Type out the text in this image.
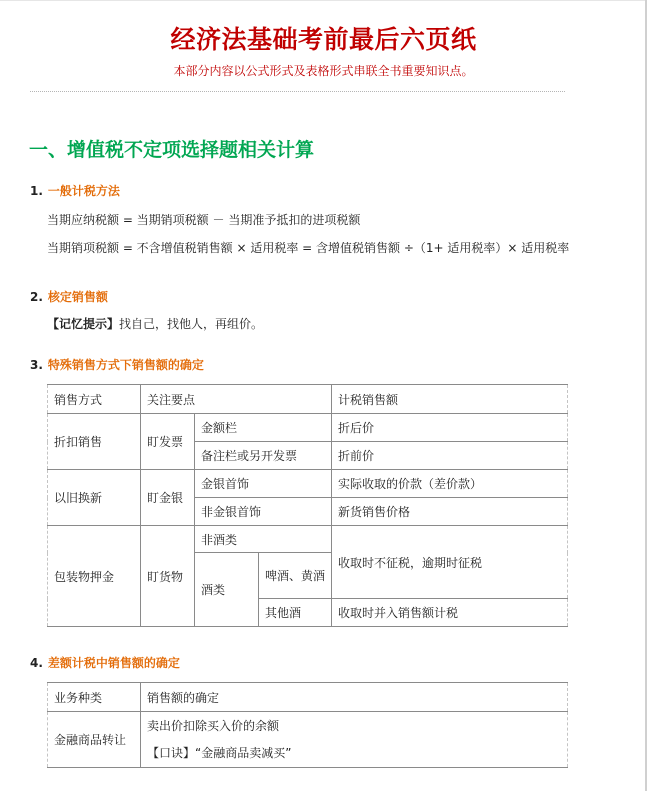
经济法基础考前最后六页纸
本部分内容以公式形式及表格形式串联全书重要知识点。
一、增值税不定项选择题相关计算
1. 一般计税方法
当期应纳税额 = 当期销项税额 － 当期准予抵扣的进项税额
当期销项税额 = 不含增值税销售额 × 适用税率 = 含增值税销售额 ÷（1+ 适用税率）× 适用税率
2. 核定销售额
【记忆提示】找自己，找他人，再组价。
3. 特殊销售方式下销售额的确定
销售方式	关注要点			计税销售额
折扣销售	盯发票	金额栏		折后价
		备注栏或另开发票		折前价
以旧换新	盯金银	金银首饰		实际收取的价款（差价款）
		非金银首饰		新货销售价格
包装物押金	盯货物	非酒类		收取时不征税，逾期时征税
		酒类	啤酒、黄酒	
			其他酒	收取时并入销售额计税
4. 差额计税中销售额的确定
业务种类	销售额的确定
金融商品转让	卖出价扣除买入价的余额
【口诀】“金融商品卖减买”
